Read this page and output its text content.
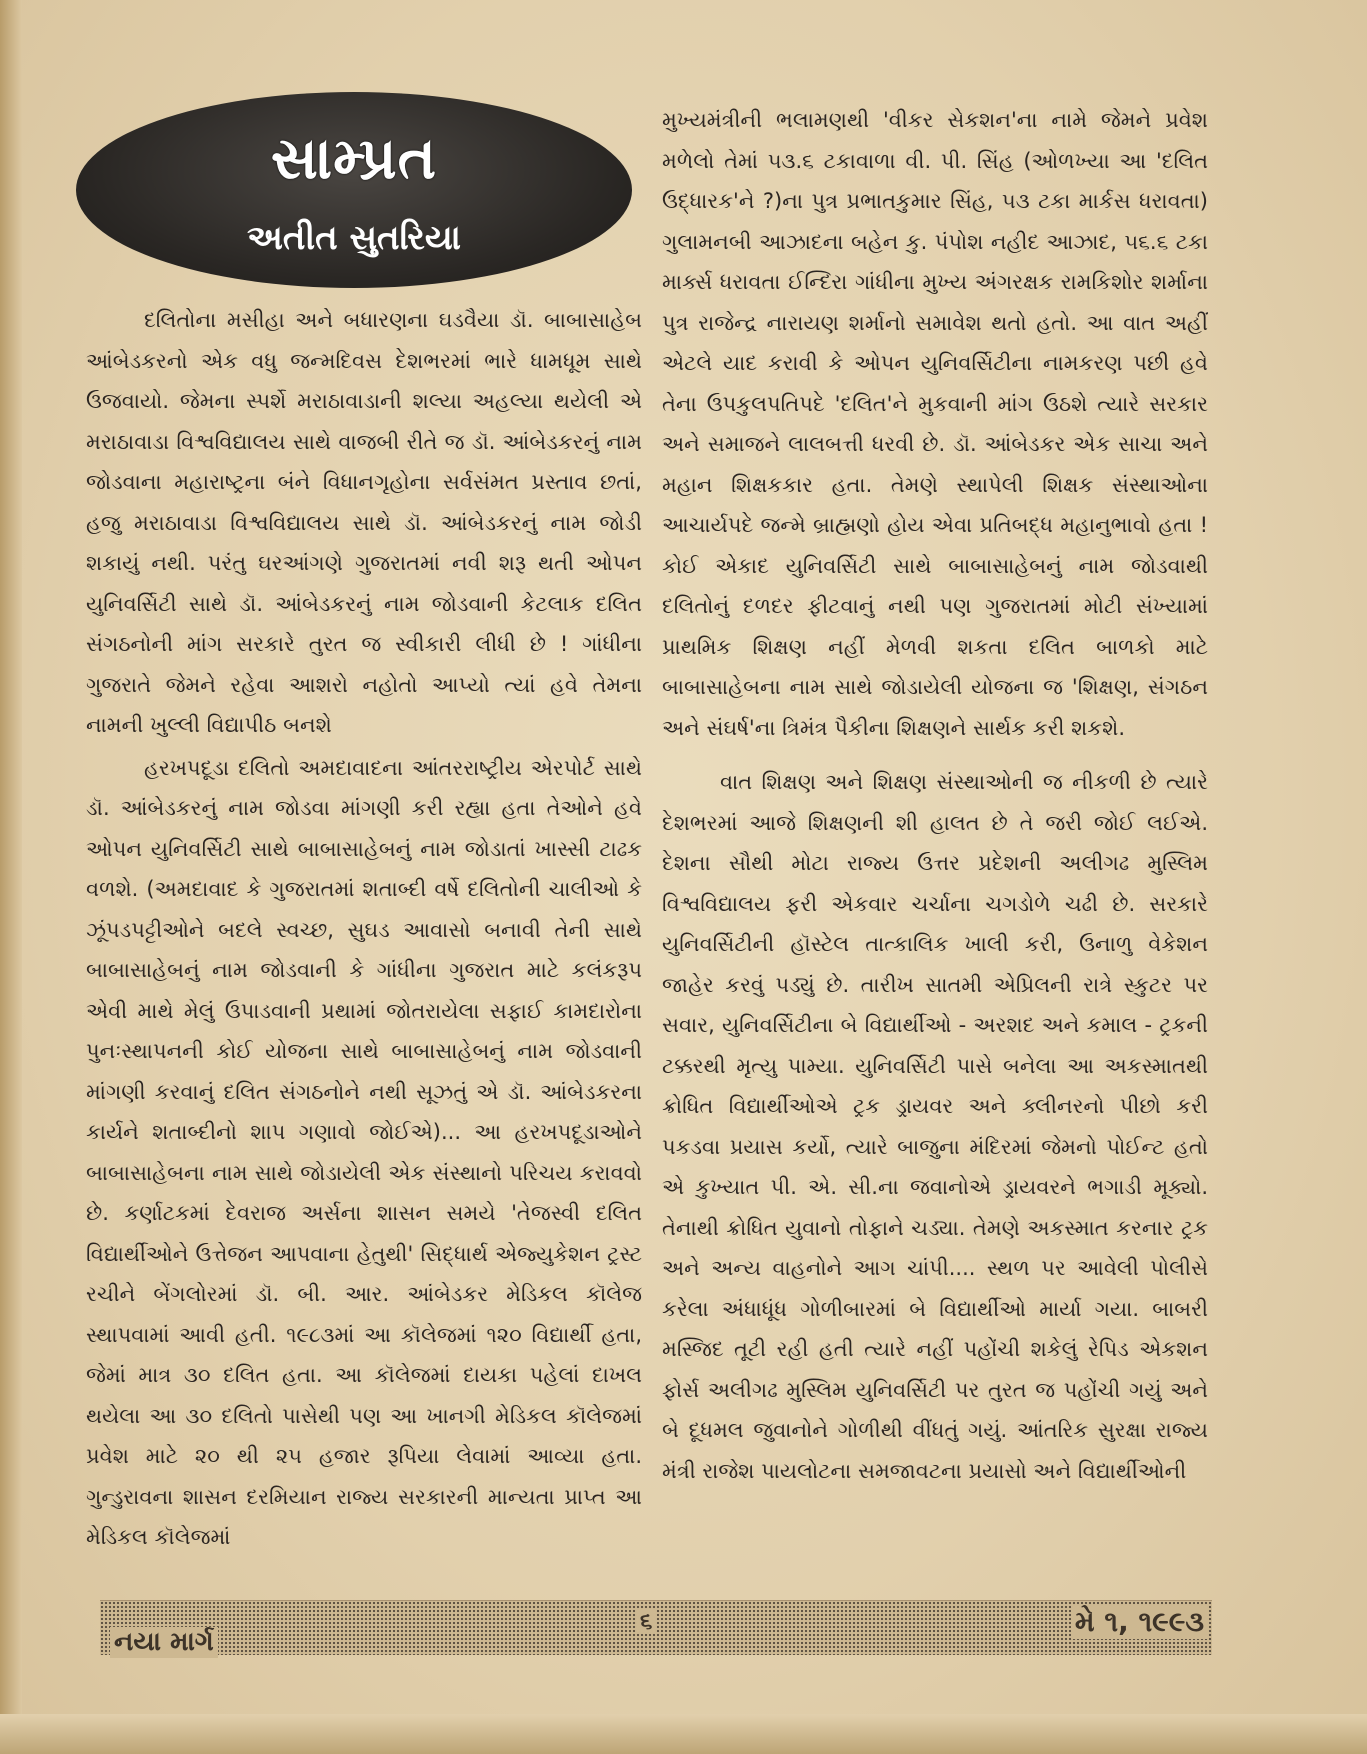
સામ્પ્રત
અતીત સુતરિયા

દલિતોના મસીહા અને બધારણના ઘડવૈયા ડૉ. બાબાસાહેબ આંબેડકરનો એક વધુ જન્મદિવસ દેશભરમાં ભારે ધામધૂમ સાથે ઉજવાયો. જેમના સ્પર્શે મરાઠાવાડાની શલ્યા અહલ્યા થયેલી એ મરાઠાવાડા વિશ્વવિદ્યાલય સાથે વાજબી રીતે જ ડૉ. આંબેડકરનું નામ જોડવાના મહારાષ્ટ્રના બંને વિધાનગૃહોના સર્વસંમત પ્રસ્તાવ છતાં, હજુ મરાઠાવાડા વિશ્વવિદ્યાલય સાથે ડૉ. આંબેડકરનું નામ જોડી શકાયું નથી. પરંતુ ઘરઆંગણે ગુજરાતમાં નવી શરૂ થતી ઓપન યુનિવર્સિટી સાથે ડૉ. આંબેડકરનું નામ જોડવાની કેટલાક દલિત સંગઠનોની માંગ સરકારે તુરત જ સ્વીકારી લીધી છે ! ગાંધીના ગુજરાતે જેમને રહેવા આશરો નહોતો આપ્યો ત્યાં હવે તેમના નામની ખુલ્લી વિદ્યાપીઠ બનશે

હરખપદૂડા દલિતો અમદાવાદના આંતરરાષ્ટ્રીય એરપોર્ટ સાથે ડૉ. આંબેડકરનું નામ જોડવા માંગણી કરી રહ્યા હતા તેઓને હવે ઓપન યુનિવર્સિટી સાથે બાબાસાહેબનું નામ જોડાતાં ખાસ્સી ટાઢક વળશે. (અમદાવાદ કે ગુજરાતમાં શતાબ્દી વર્ષે દલિતોની ચાલીઓ કે ઝૂંપડપટ્ટીઓને બદલે સ્વચ્છ, સુઘડ આવાસો બનાવી તેની સાથે બાબાસાહેબનું નામ જોડવાની કે ગાંધીના ગુજરાત માટે કલંકરૂપ એવી માથે મેલું ઉપાડવાની પ્રથામાં જોતરાયેલા સફાઈ કામદારોના પુનઃસ્થાપનની કોઈ યોજના સાથે બાબાસાહેબનું નામ જોડવાની માંગણી કરવાનું દલિત સંગઠનોને નથી સૂઝતું એ ડૉ. આંબેડકરના કાર્યને શતાબ્દીનો શાપ ગણાવો જોઈએ)... આ હરખપદૂડાઓને બાબાસાહેબના નામ સાથે જોડાયેલી એક સંસ્થાનો પરિચય કરાવવો છે. કર્ણાટકમાં દેવરાજ અર્સના શાસન સમયે 'તેજસ્વી દલિત વિદ્યાર્થીઓને ઉત્તેજન આપવાના હેતુથી' સિદ્ધાર્થ એજ્યુકેશન ટ્રસ્ટ રચીને બેંગલોરમાં ડૉ. બી. આર. આંબેડકર મેડિકલ કૉલેજ સ્થાપવામાં આવી હતી. ૧૯૮૩માં આ કૉલેજમાં ૧૨૦ વિદ્યાર્થી હતા, જેમાં માત્ર ૩૦ દલિત હતા. આ કૉલેજમાં દાયકા પહેલાં દાખલ થયેલા આ ૩૦ દલિતો પાસેથી પણ આ ખાનગી મેડિકલ કૉલેજમાં પ્રવેશ માટે ૨૦ થી ૨૫ હજાર રૂપિયા લેવામાં આવ્યા હતા. ગુન્ડુરાવના શાસન દરમિયાન રાજ્ય સરકારની માન્યતા પ્રાપ્ત આ મેડિકલ કૉલેજમાં

મુખ્યમંત્રીની ભલામણથી 'વીકર સેકશન'ના નામે જેમને પ્રવેશ મળેલો તેમાં ૫૩.૬ ટકાવાળા વી. પી. સિંહ (ઓળખ્યા આ 'દલિત ઉદ્ધારક'ને ?)ના પુત્ર પ્રભાતકુમાર સિંહ, ૫૩ ટકા માર્કસ ધરાવતા) ગુલામનબી આઝાદના બહેન કુ. પંપોશ નહીદ આઝાદ, ૫૬.૬ ટકા માર્ક્સ ધરાવતા ઈન્દિરા ગાંધીના મુખ્ય અંગરક્ષક રામકિશોર શર્માના પુત્ર રાજેન્દ્ર નારાયણ શર્માનો સમાવેશ થતો હતો. આ વાત અહીં એટલે યાદ કરાવી કે ઓપન યુનિવર્સિટીના નામકરણ પછી હવે તેના ઉપકુલપતિપદે 'દલિત'ને મુકવાની માંગ ઉઠશે ત્યારે સરકાર અને સમાજને લાલબત્તી ધરવી છે. ડૉ. આંબેડકર એક સાચા અને મહાન શિક્ષકકાર હતા. તેમણે સ્થાપેલી શિક્ષક સંસ્થાઓના આચાર્યપદે જન્મે બ્રાહ્મણો હોય એવા પ્રતિબદ્ધ મહાનુભાવો હતા ! કોઈ એકાદ યુનિવર્સિટી સાથે બાબાસાહેબનું નામ જોડવાથી દલિતોનું દળદર ફીટવાનું નથી પણ ગુજરાતમાં મોટી સંખ્યામાં પ્રાથમિક શિક્ષણ નહીં મેળવી શકતા દલિત બાળકો માટે બાબાસાહેબના નામ સાથે જોડાયેલી યોજના જ 'શિક્ષણ, સંગઠન અને સંઘર્ષ'ના ત્રિમંત્ર પૈકીના શિક્ષણને સાર્થક કરી શકશે.

વાત શિક્ષણ અને શિક્ષણ સંસ્થાઓની જ નીકળી છે ત્યારે દેશભરમાં આજે શિક્ષણની શી હાલત છે તે જરી જોઈ લઈએ. દેશના સૌથી મોટા રાજ્ય ઉત્તર પ્રદેશની અલીગઢ મુસ્લિમ વિશ્વવિદ્યાલય ફરી એકવાર ચર્ચાના ચગડોળે ચઢી છે. સરકારે યુનિવર્સિટીની હૉસ્ટેલ તાત્કાલિક ખાલી કરી, ઉનાળુ વેકેશન જાહેર કરવું પડ્યું છે. તારીખ સાતમી એપ્રિલની રાત્રે સ્કુટર પર સવાર, યુનિવર્સિટીના બે વિદ્યાર્થીઓ - અરશદ અને કમાલ - ટ્રકની ટક્કરથી મૃત્યુ પામ્યા. યુનિવર્સિટી પાસે બનેલા આ અકસ્માતથી ક્રોધિત વિદ્યાર્થીઓએ ટ્રક ડ્રાયવર અને ક્લીનરનો પીછો કરી પકડવા પ્રયાસ કર્યો, ત્યારે બાજુના મંદિરમાં જેમનો પોઈન્ટ હતો એ કુખ્યાત પી. એ. સી.ના જવાનોએ ડ્રાયવરને ભગાડી મૂક્યો. તેનાથી ક્રોધિત યુવાનો તોફાને ચડ્યા. તેમણે અકસ્માત કરનાર ટ્રક અને અન્ય વાહનોને આગ ચાંપી.... સ્થળ પર આવેલી પોલીસે કરેલા અંધાધૂંધ ગોળીબારમાં બે વિદ્યાર્થીઓ માર્યા ગયા. બાબરી મસ્જિદ તૂટી રહી હતી ત્યારે નહીં પહોંચી શકેલું રેપિડ એકશન ફોર્સ અલીગઢ મુસ્લિમ યુનિવર્સિટી પર તુરત જ પહોંચી ગયું અને બે દૂધમલ જુવાનોને ગોળીથી વીંધતું ગયું. આંતરિક સુરક્ષા રાજ્ય મંત્રી રાજેશ પાયલોટના સમજાવટના પ્રયાસો અને વિદ્યાર્થીઓની

નયા માર્ગ
૬	મે ૧, ૧૯૯૩
